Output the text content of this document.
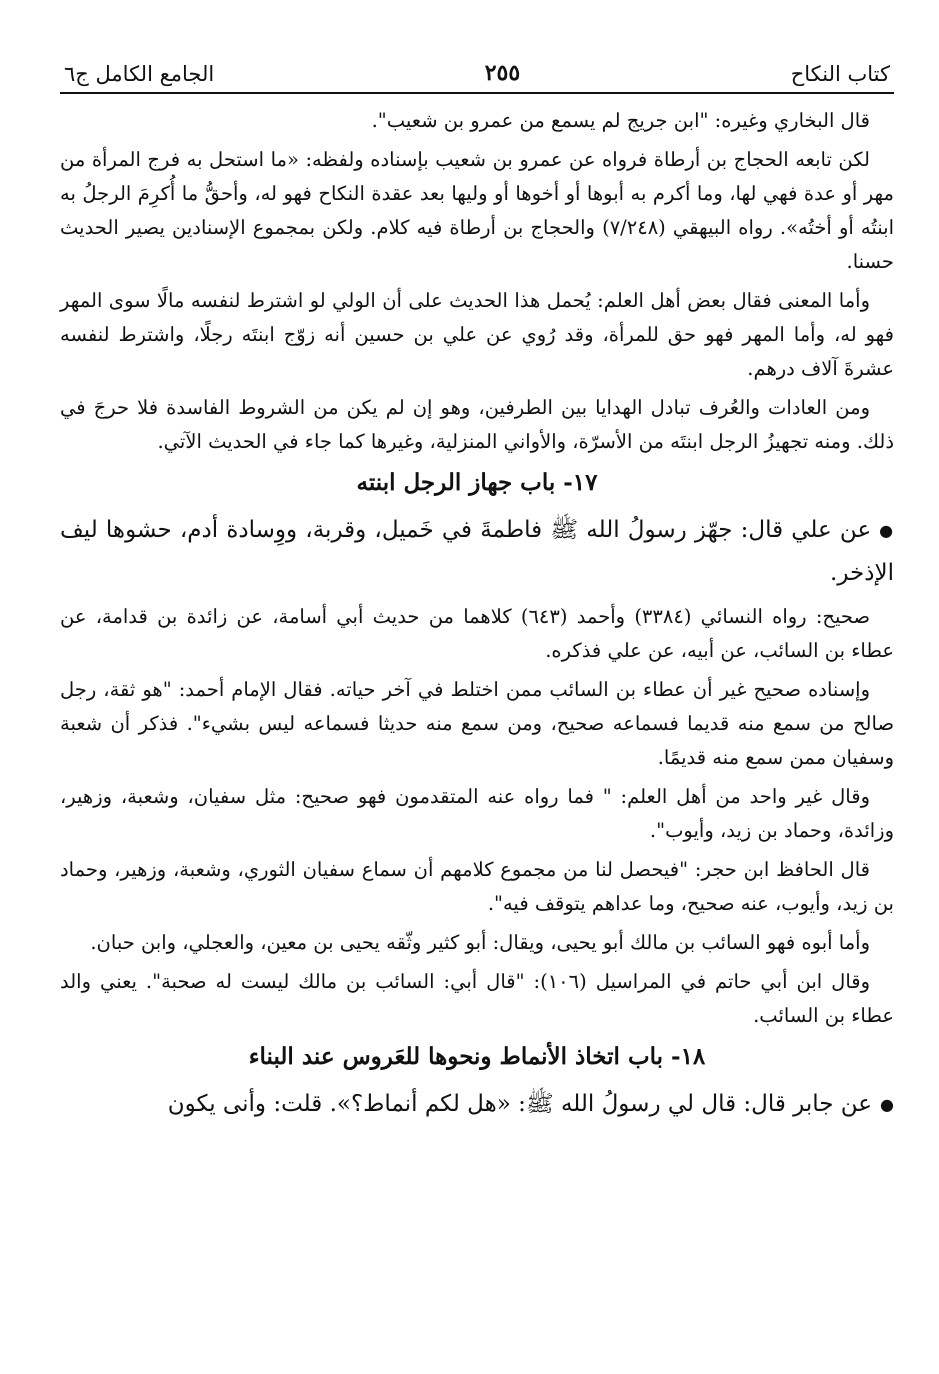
كتاب النكاح
٢٥٥
الجامع الكامل ج٦

قال البخاري وغيره: "ابن جريج لم يسمع من عمرو بن شعيب".

لكن تابعه الحجاج بن أرطاة فرواه عن عمرو بن شعيب بإسناده ولفظه: «ما استحل به فرج المرأة من مهر أو عدة فهي لها، وما أكرم به أبوها أو أخوها أو وليها بعد عقدة النكاح فهو له، وأحقُّ ما أُكرِمَ الرجلُ به ابنتُه أو أختُه». رواه البيهقي (٧/٢٤٨) والحجاج بن أرطاة فيه كلام. ولكن بمجموع الإسنادين يصير الحديث حسنا.

وأما المعنى فقال بعض أهل العلم: يُحمل هذا الحديث على أن الولي لو اشترط لنفسه مالًا سوى المهر فهو له، وأما المهر فهو حق للمرأة، وقد رُوي عن علي بن حسين أنه زوّج ابنتَه رجلًا، واشترط لنفسه عشرةَ آلاف درهم.

ومن العادات والعُرف تبادل الهدايا بين الطرفين، وهو إن لم يكن من الشروط الفاسدة فلا حرجَ في ذلك. ومنه تجهيزُ الرجل ابنتَه من الأسرّة، والأواني المنزلية، وغيرها كما جاء في الحديث الآتي.

١٧- باب جهاز الرجل ابنته

●عن علي قال: جهّز رسولُ الله ﷺ فاطمةَ في خَميل، وقربة، ووِسادة أدم، حشوها ليف الإذخر.

صحيح: رواه النسائي (٣٣٨٤) وأحمد (٦٤٣) كلاهما من حديث أبي أسامة، عن زائدة بن قدامة، عن عطاء بن السائب، عن أبيه، عن علي فذكره.

وإسناده صحيح غير أن عطاء بن السائب ممن اختلط في آخر حياته. فقال الإمام أحمد: "هو ثقة، رجل صالح من سمع منه قديما فسماعه صحيح، ومن سمع منه حديثا فسماعه ليس بشيء". فذكر أن شعبة وسفيان ممن سمع منه قديمًا.

وقال غير واحد من أهل العلم: " فما رواه عنه المتقدمون فهو صحيح: مثل سفيان، وشعبة، وزهير، وزائدة، وحماد بن زيد، وأيوب".

قال الحافظ ابن حجر: "فيحصل لنا من مجموع كلامهم أن سماع سفيان الثوري، وشعبة، وزهير، وحماد بن زيد، وأيوب، عنه صحيح، وما عداهم يتوقف فيه".

وأما أبوه فهو السائب بن مالك أبو يحيى، ويقال: أبو كثير وثّقه يحيى بن معين، والعجلي، وابن حبان.

وقال ابن أبي حاتم في المراسيل (١٠٦): "قال أبي: السائب بن مالك ليست له صحبة". يعني والد عطاء بن السائب.

١٨- باب اتخاذ الأنماط ونحوها للعَروس عند البناء

●عن جابر قال: قال لي رسولُ الله ﷺ: «هل لكم أنماط؟». قلت: وأنى يكون
